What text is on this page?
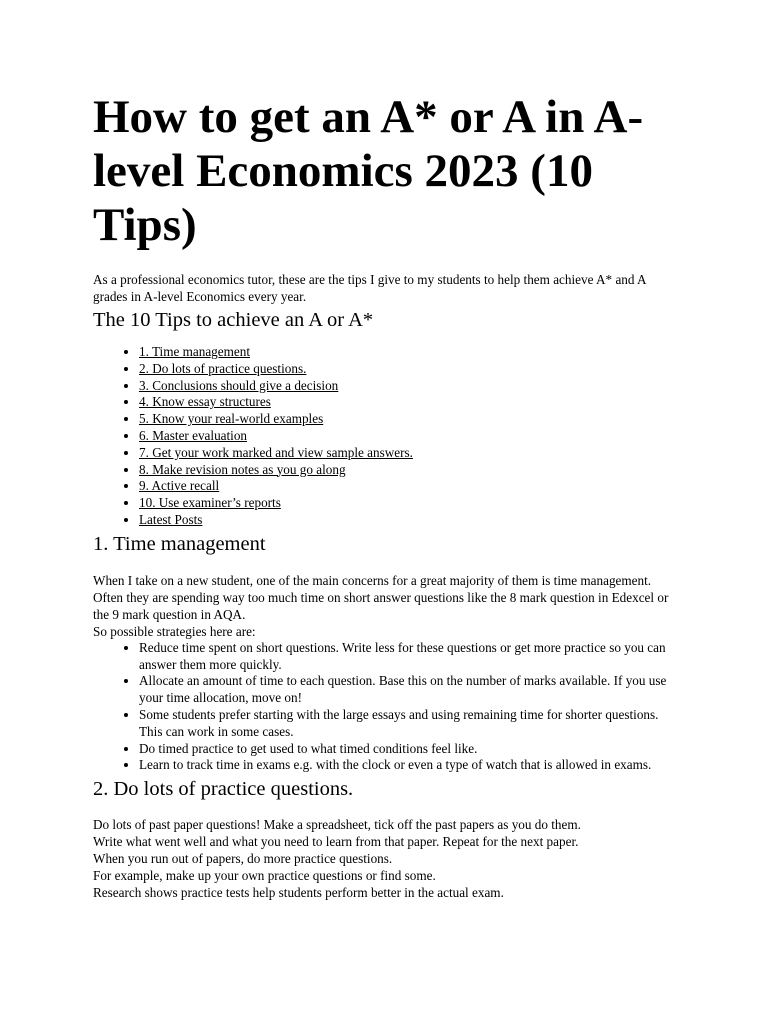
How to get an A* or A in A-level Economics 2023 (10 Tips)

As a professional economics tutor, these are the tips I give to my students to help them achieve A* and A grades in A-level Economics every year.

The 10 Tips to achieve an A or A*
• 1. Time management
• 2. Do lots of practice questions.
• 3. Conclusions should give a decision
• 4. Know essay structures
• 5. Know your real-world examples
• 6. Master evaluation
• 7. Get your work marked and view sample answers.
• 8. Make revision notes as you go along
• 9. Active recall
• 10. Use examiner’s reports
• Latest Posts
1. Time management

When I take on a new student, one of the main concerns for a great majority of them is time management.

Often they are spending way too much time on short answer questions like the 8 mark question in Edexcel or the 9 mark question in AQA.

So possible strategies here are:

• Reduce time spent on short questions. Write less for these questions or get more practice so you can answer them more quickly.
• Allocate an amount of time to each question. Base this on the number of marks available. If you use your time allocation, move on!
• Some students prefer starting with the large essays and using remaining time for shorter questions. This can work in some cases.
• Do timed practice to get used to what timed conditions feel like.
• Learn to track time in exams e.g. with the clock or even a type of watch that is allowed in exams.
2. Do lots of practice questions.

Do lots of past paper questions! Make a spreadsheet, tick off the past papers as you do them.

Write what went well and what you need to learn from that paper. Repeat for the next paper.

When you run out of papers, do more practice questions.

For example, make up your own practice questions or find some.

Research shows practice tests help students perform better in the actual exam.
